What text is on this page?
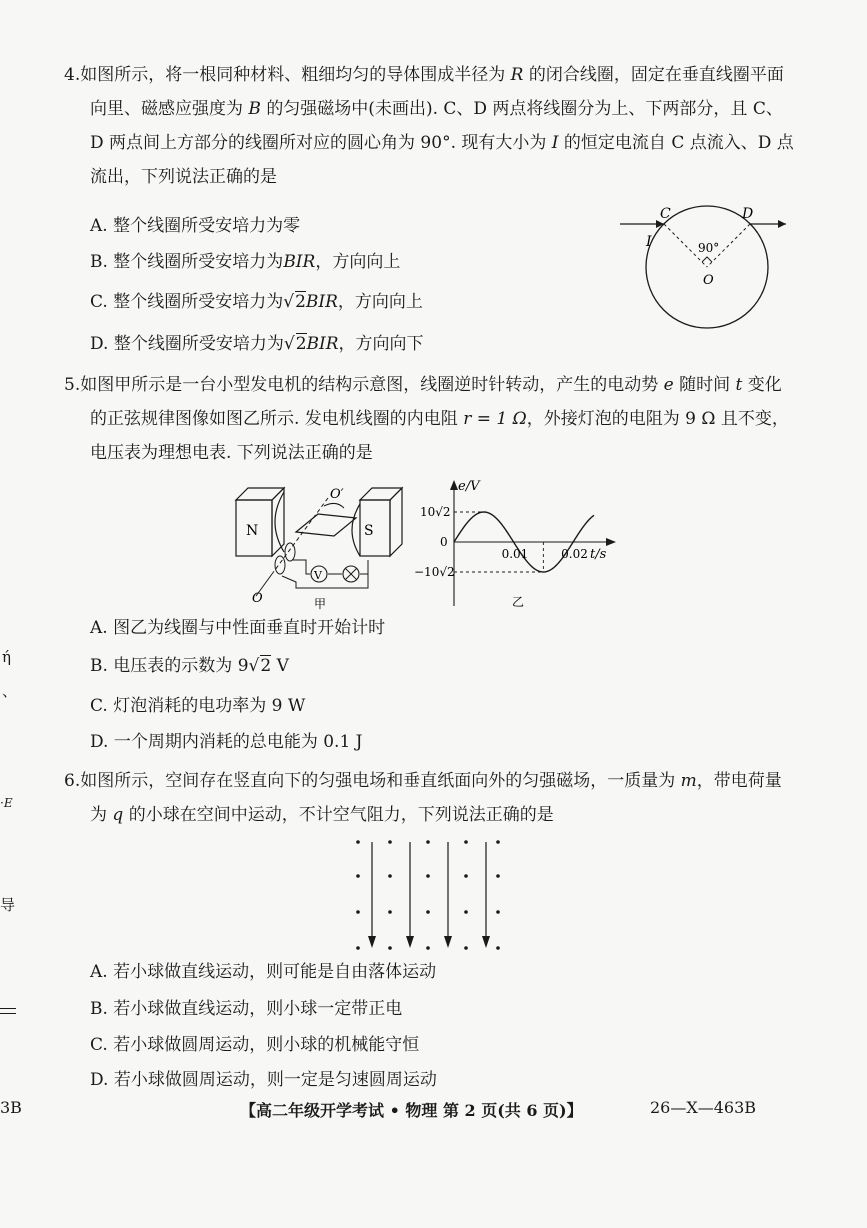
4.如图所示，将一根同种材料、粗细均匀的导体围成半径为 R 的闭合线圈，固定在垂直线圈平面向里、磁感应强度为 B 的匀强磁场中(未画出). C、D 两点将线圈分为上、下两部分，且 C、D 两点间上方部分的线圈所对应的圆心角为 90°. 现有大小为 I 的恒定电流自 C 点流入、D 点流出，下列说法正确的是
A. 整个线圈所受安培力为零
B. 整个线圈所受安培力为BIR，方向向上
C. 整个线圈所受安培力为√2BIR，方向向上
D. 整个线圈所受安培力为√2BIR，方向向下
C	D
I	90°
O
5.如图甲所示是一台小型发电机的结构示意图，线圈逆时针转动，产生的电动势 e 随时间 t 变化的正弦规律图像如图乙所示. 发电机线圈的内电阻 r = 1 Ω，外接灯泡的电阻为 9 Ω 且不变，电压表为理想电表. 下列说法正确的是
N	S
O′
O
V
甲
e/V
10√2
0
−10√2
0.01	0.02 t/s
乙
A. 图乙为线圈与中性面垂直时开始计时
B. 电压表的示数为 9√2 V
C. 灯泡消耗的电功率为 9 W
D. 一个周期内消耗的总电能为 0.1 J
6.如图所示，空间存在竖直向下的匀强电场和垂直纸面向外的匀强磁场，一质量为 m，带电荷量为 q 的小球在空间中运动，不计空气阻力，下列说法正确的是
A. 若小球做直线运动，则可能是自由落体运动
B. 若小球做直线运动，则小球一定带正电
C. 若小球做圆周运动，则小球的机械能守恒
D. 若小球做圆周运动，则一定是匀速圆周运动
ή
、
·E
导
3B	【高二年级开学考试 • 物理 第 2 页(共 6 页)】	26—X—463B
